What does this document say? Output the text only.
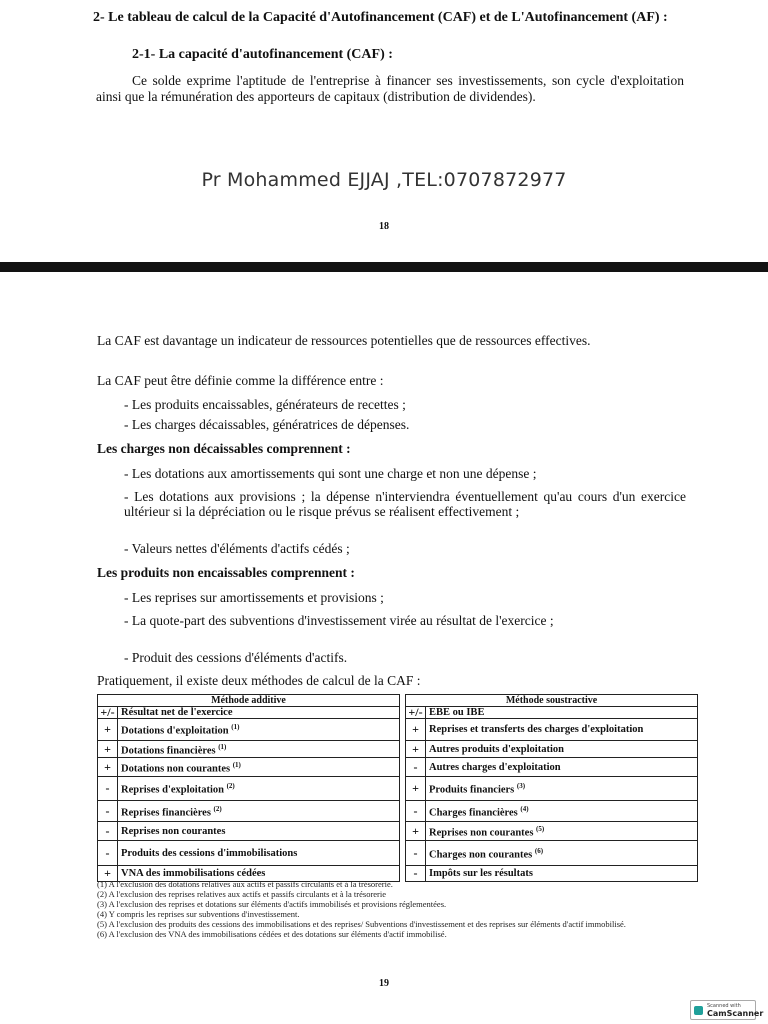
2- Le tableau de calcul de la Capacité d'Autofinancement (CAF) et de L'Autofinancement (AF) :
2-1- La capacité d'autofinancement (CAF) :
Ce solde exprime l'aptitude de l'entreprise à financer ses investissements, son cycle d'exploitation ainsi que la rémunération des apporteurs de capitaux (distribution de dividendes).
Pr Mohammed EJJAJ ,TEL:0707872977
18
La CAF est davantage un indicateur de ressources potentielles que de ressources effectives.
La CAF peut être définie comme la différence entre :
- Les produits encaissables, générateurs de recettes ;
- Les charges décaissables, génératrices de dépenses.
Les charges non décaissables comprennent :
- Les dotations aux amortissements qui sont une charge et non une dépense ;
- Les dotations aux provisions ; la dépense n'interviendra éventuellement qu'au cours d'un exercice ultérieur si la dépréciation ou le risque prévus se réalisent effectivement ;
- Valeurs nettes d'éléments d'actifs cédés ;
Les produits non encaissables comprennent :
- Les reprises sur amortissements et provisions ;
- La quote-part des subventions d'investissement virée au résultat de l'exercice ;
- Produit des cessions d'éléments d'actifs.
Pratiquement, il existe deux méthodes de calcul de la CAF :
Méthode additive			Méthode soustractive	
+/-	Résultat net de l'exercice		+/-	EBE ou IBE
+	Dotations d'exploitation $^{(1)}$		+	Reprises et transferts des charges d'exploitation
+	Dotations financières $^{(1)}$		+	Autres produits d'exploitation
+	Dotations non courantes $^{(1)}$		-	Autres charges d'exploitation
-	Reprises d'exploitation $^{(2)}$		+	Produits financiers $^{(3)}$
-	Reprises financières $^{(2)}$		-	Charges financières $^{(4)}$
-	Reprises non courantes		+	Reprises non courantes $^{(5)}$
-	Produits des cessions d'immobilisations		-	Charges non courantes $^{(6)}$
+	VNA des immobilisations cédées		-	Impôts sur les résultats
(1) A l'exclusion des dotations relatives aux actifs et passifs circulants et à la trésorerie.
(2) A l'exclusion des reprises relatives aux actifs et passifs circulants et à la trésorerie
(3) A l'exclusion des reprises et dotations sur éléments d'actifs immobilisés et provisions réglementées.
(4) Y compris les reprises sur subventions d'investissement.
(5) A l'exclusion des produits des cessions des immobilisations et des reprises/ Subventions d'investissement et des reprises sur éléments d'actif immobilisé.
(6) A l'exclusion des VNA des immobilisations cédées et des dotations sur éléments d'actif immobilisé.
19
Scanned with
CamScanner
